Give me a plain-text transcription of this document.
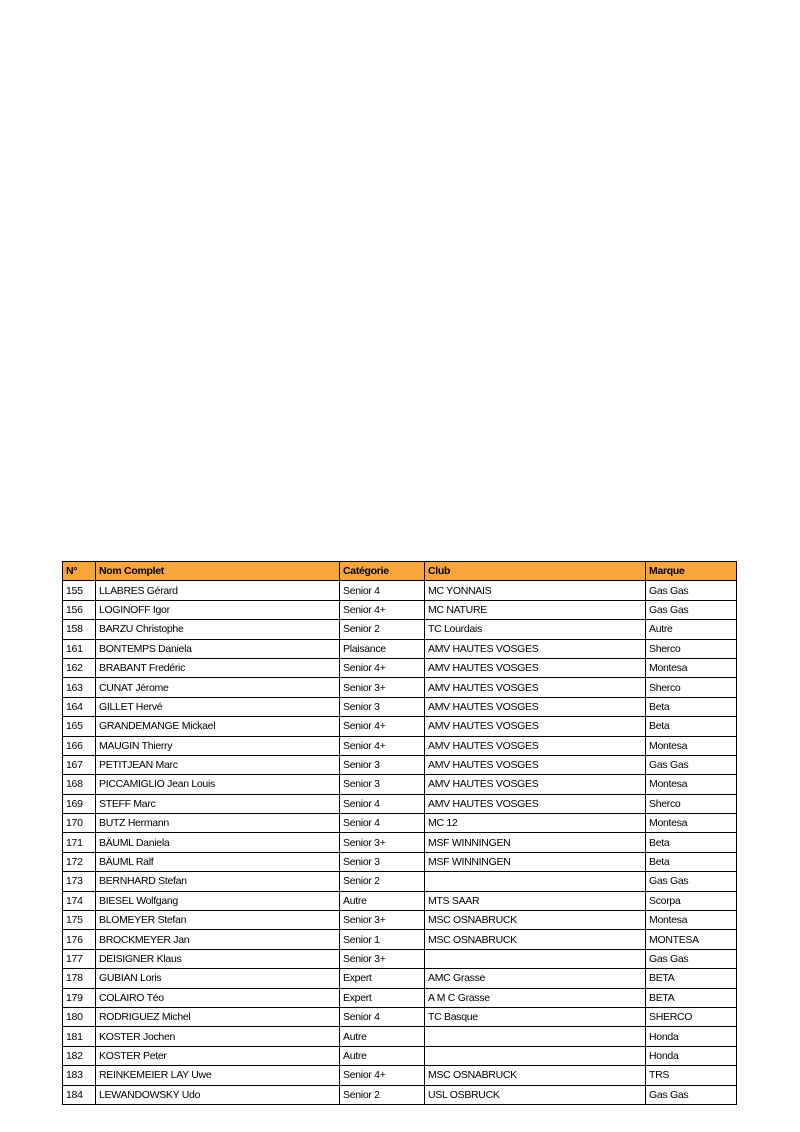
N°	Nom Complet	Catégorie	Club	Marque
155	LLABRES Gérard	Senior 4	MC YONNAIS	Gas Gas
156	LOGINOFF Igor	Senior 4+	MC NATURE	Gas Gas
158	BARZU Christophe	Senior 2	TC Lourdais	Autre
161	BONTEMPS Daniela	Plaisance	AMV HAUTES VOSGES	Sherco
162	BRABANT Fredéric	Senior 4+	AMV HAUTES VOSGES	Montesa
163	CUNAT Jérome	Senior 3+	AMV HAUTES VOSGES	Sherco
164	GILLET Hervé	Senior 3	AMV HAUTES VOSGES	Beta
165	GRANDEMANGE Mickael	Senior 4+	AMV HAUTES VOSGES	Beta
166	MAUGIN Thierry	Senior 4+	AMV HAUTES VOSGES	Montesa
167	PETITJEAN Marc	Senior 3	AMV HAUTES VOSGES	Gas Gas
168	PICCAMIGLIO Jean Louis	Senior 3	AMV HAUTES VOSGES	Montesa
169	STEFF Marc	Senior 4	AMV HAUTES VOSGES	Sherco
170	BUTZ Hermann	Senior 4	MC 12	Montesa
171	BÄUML Daniela	Senior 3+	MSF WINNINGEN	Beta
172	BÄUML Ralf	Senior 3	MSF WINNINGEN	Beta
173	BERNHARD Stefan	Senior 2		Gas Gas
174	BIESEL Wolfgang	Autre	MTS SAAR	Scorpa
175	BLOMEYER Stefan	Senior 3+	MSC OSNABRUCK	Montesa
176	BROCKMEYER Jan	Senior 1	MSC OSNABRUCK	MONTESA
177	DEISIGNER Klaus	Senior 3+		Gas Gas
178	GUBIAN Loris	Expert	AMC Grasse	BETA
179	COLAIRO Téo	Expert	A M C Grasse	BETA
180	RODRIGUEZ Michel	Senior 4	TC Basque	SHERCO
181	KOSTER Jochen	Autre		Honda
182	KOSTER Peter	Autre		Honda
183	REINKEMEIER LAY Uwe	Senior 4+	MSC OSNABRUCK	TRS
184	LEWANDOWSKY Udo	Senior 2	USL OSBRUCK	Gas Gas
